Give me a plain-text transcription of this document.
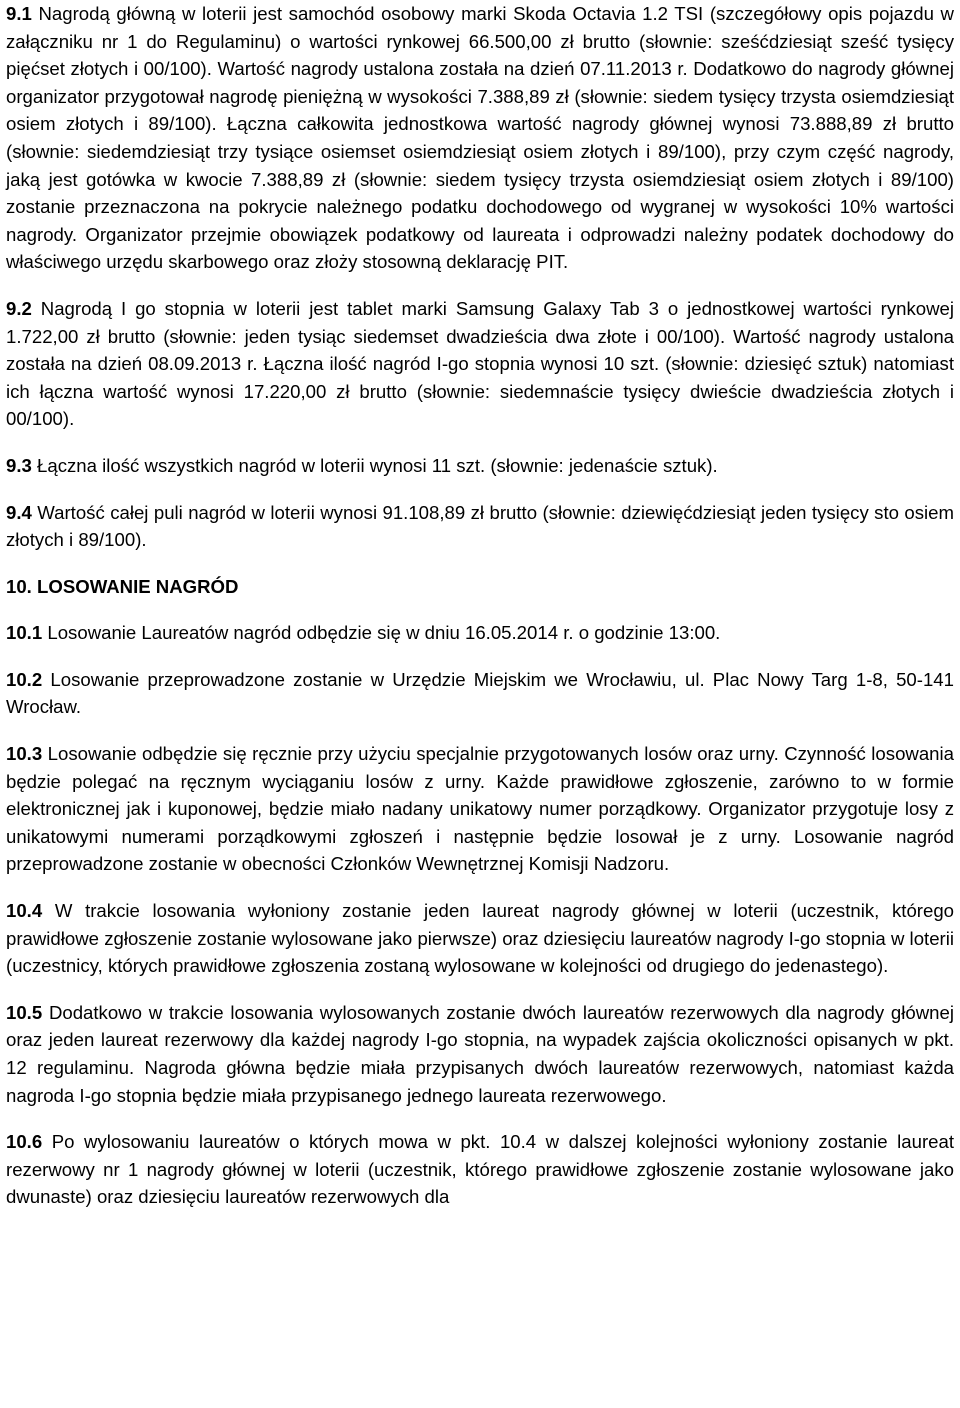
9.1 Nagrodą główną w loterii jest samochód osobowy marki Skoda Octavia 1.2 TSI (szczegółowy opis pojazdu w załączniku nr 1 do Regulaminu) o wartości rynkowej 66.500,00 zł brutto (słownie: sześćdziesiąt sześć tysięcy pięćset złotych i 00/100). Wartość nagrody ustalona została na dzień 07.11.2013 r. Dodatkowo do nagrody głównej organizator przygotował nagrodę pieniężną w wysokości 7.388,89 zł (słownie: siedem tysięcy trzysta osiemdziesiąt osiem złotych i 89/100). Łączna całkowita jednostkowa wartość nagrody głównej wynosi 73.888,89 zł brutto (słownie: siedemdziesiąt trzy tysiące osiemset osiemdziesiąt osiem złotych i 89/100), przy czym część nagrody, jaką jest gotówka w kwocie 7.388,89 zł (słownie: siedem tysięcy trzysta osiemdziesiąt osiem złotych i 89/100) zostanie przeznaczona na pokrycie należnego podatku dochodowego od wygranej w wysokości 10% wartości nagrody. Organizator przejmie obowiązek podatkowy od laureata i odprowadzi należny podatek dochodowy do właściwego urzędu skarbowego oraz złoży stosowną deklarację PIT.

9.2 Nagrodą I go stopnia w loterii jest tablet marki Samsung Galaxy Tab 3 o jednostkowej wartości rynkowej 1.722,00 zł brutto (słownie: jeden tysiąc siedemset dwadzieścia dwa złote i 00/100). Wartość nagrody ustalona została na dzień 08.09.2013 r. Łączna ilość nagród I-go stopnia wynosi 10 szt. (słownie: dziesięć sztuk) natomiast ich łączna wartość wynosi 17.220,00 zł brutto (słownie: siedemnaście tysięcy dwieście dwadzieścia złotych i 00/100).

9.3 Łączna ilość wszystkich nagród w loterii wynosi 11 szt. (słownie: jedenaście sztuk).

9.4 Wartość całej puli nagród w loterii wynosi 91.108,89 zł brutto (słownie: dziewięćdziesiąt jeden tysięcy sto osiem złotych i 89/100).

10. LOSOWANIE NAGRÓD

10.1 Losowanie Laureatów nagród odbędzie się w dniu 16.05.2014 r. o godzinie 13:00.

10.2 Losowanie przeprowadzone zostanie w Urzędzie Miejskim we Wrocławiu, ul. Plac Nowy Targ 1-8, 50-141 Wrocław.

10.3 Losowanie odbędzie się ręcznie przy użyciu specjalnie przygotowanych losów oraz urny. Czynność losowania będzie polegać na ręcznym wyciąganiu losów z urny. Każde prawidłowe zgłoszenie, zarówno to w formie elektronicznej jak i kuponowej, będzie miało nadany unikatowy numer porządkowy. Organizator przygotuje losy z unikatowymi numerami porządkowymi zgłoszeń i następnie będzie losował je z urny. Losowanie nagród przeprowadzone zostanie w obecności Członków Wewnętrznej Komisji Nadzoru.

10.4 W trakcie losowania wyłoniony zostanie jeden laureat nagrody głównej w loterii (uczestnik, którego prawidłowe zgłoszenie zostanie wylosowane jako pierwsze) oraz dziesięciu laureatów nagrody I-go stopnia w loterii (uczestnicy, których prawidłowe zgłoszenia zostaną wylosowane w kolejności od drugiego do jedenastego).

10.5 Dodatkowo w trakcie losowania wylosowanych zostanie dwóch laureatów rezerwowych dla nagrody głównej oraz jeden laureat rezerwowy dla każdej nagrody I-go stopnia, na wypadek zajścia okoliczności opisanych w pkt. 12 regulaminu. Nagroda główna będzie miała przypisanych dwóch laureatów rezerwowych, natomiast każda nagroda I-go stopnia będzie miała przypisanego jednego laureata rezerwowego.

10.6 Po wylosowaniu laureatów o których mowa w pkt. 10.4 w dalszej kolejności wyłoniony zostanie laureat rezerwowy nr 1 nagrody głównej w loterii (uczestnik, którego prawidłowe zgłoszenie zostanie wylosowane jako dwunaste) oraz dziesięciu laureatów rezerwowych dla
